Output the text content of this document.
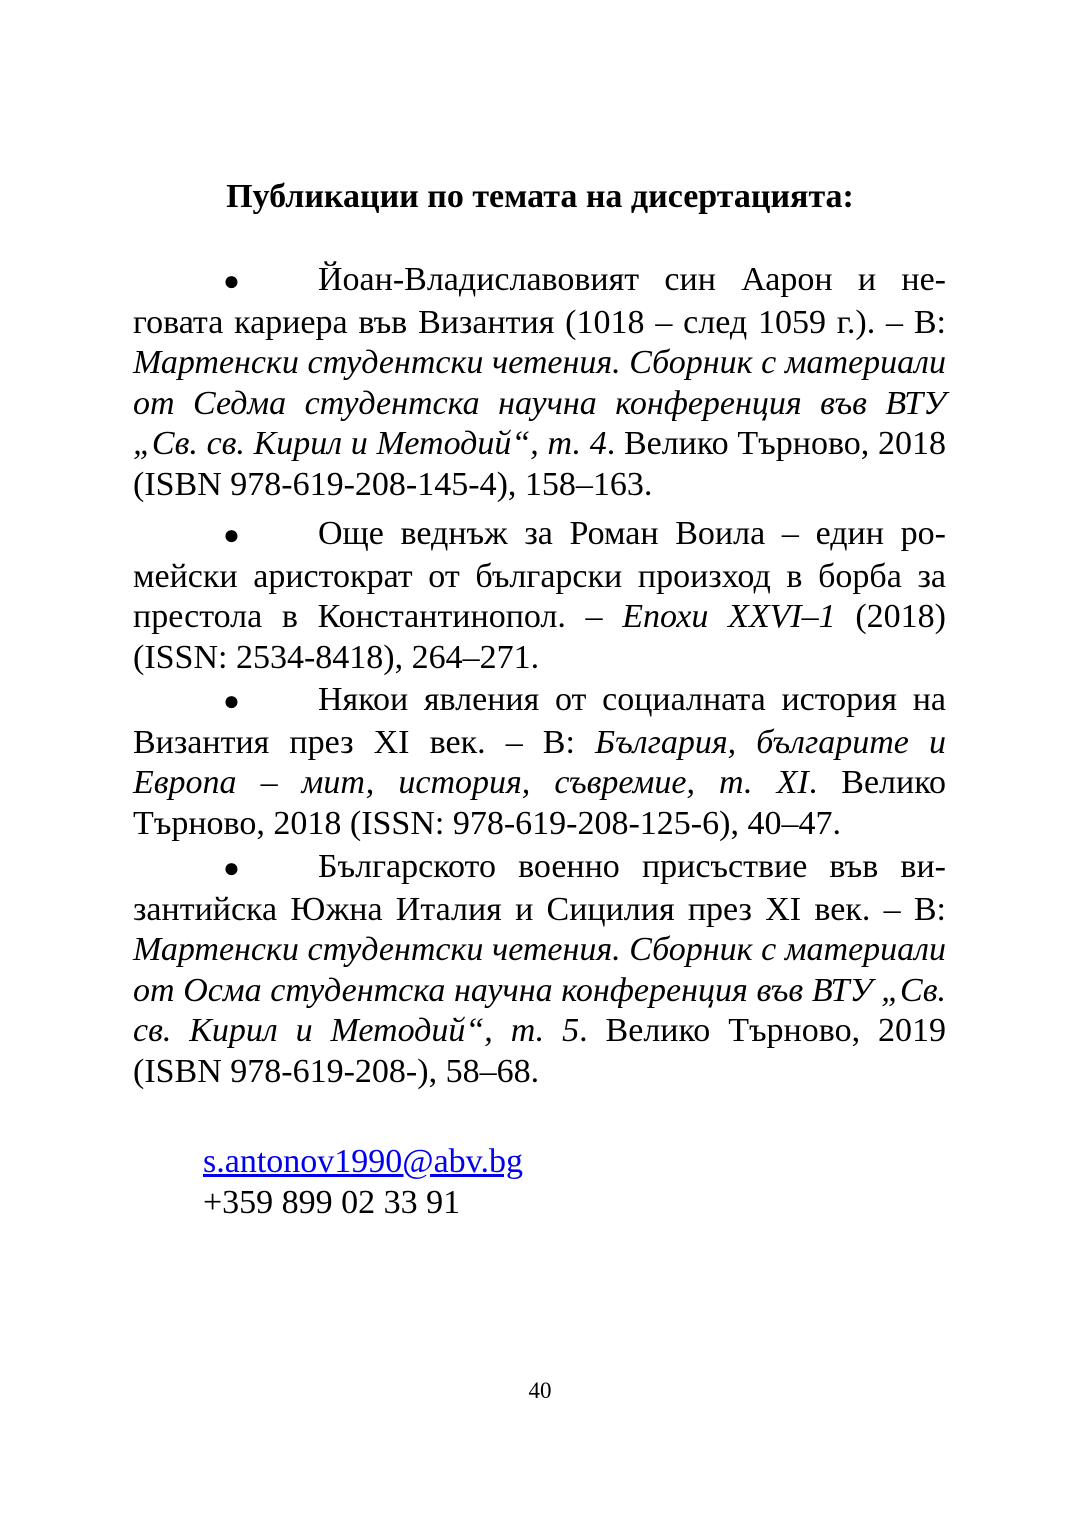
Публикации по темата на дисертацията:

● Йоан-Владиславовият син Аарон и неговата кариера във Византия (1018 – след 1059 г.). – В: Мартенски студентски четения. Сборник с материали от Седма студентска научна конференция във ВТУ „Св. св. Кирил и Методий“, т. 4. Велико Търново, 2018 (ISBN 978-619-208-145-4), 158–163.

● Още веднъж за Роман Воила – един ромейски аристократ от български произход в борба за престола в Константинопол. – Епохи XXVI–1 (2018) (ISSN: 2534-8418), 264–271.

● Някои явления от социалната история на Византия през XI век. – В: България, българите и Европа – мит, история, съвремие, т. XI. Велико Търново, 2018 (ISSN: 978-619-208-125-6), 40–47.

● Българското военно присъствие във византийска Южна Италия и Сицилия през XI век. – В: Мартенски студентски четения. Сборник с материали от Осма студентска научна конференция във ВТУ „Св. св. Кирил и Методий“, т. 5. Велико Търново, 2019 (ISBN 978-619-208-), 58–68.

s.antonov1990@abv.bg
+359 899 02 33 91
40
